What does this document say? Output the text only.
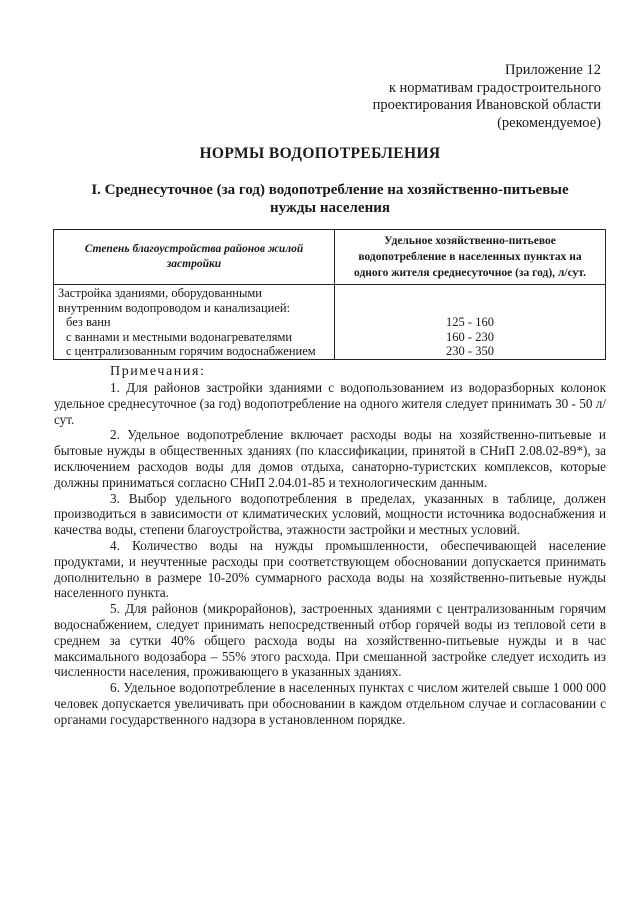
Приложение 12
к нормативам градостроительного
проектирования Ивановской области
(рекомендуемое)
НОРМЫ ВОДОПОТРЕБЛЕНИЯ
I. Среднесуточное (за год) водопотребление на хозяйственно-питьевые
нужды населения
Степень благоустройства районов жилой застройки	Удельное хозяйственно-питьевое водопотребление в населенных пунктах на одного жителя среднесуточное (за год), л/сут.
Застройка зданиями, оборудованными	
внутренним водопроводом и канализацией:	
без ванн	125 - 160
с ваннами и местными водонагревателями	160 - 230
с централизованным горячим водоснабжением	230 - 350
Примечания:

1. Для районов застройки зданиями с водопользованием из водоразборных колонок удельное среднесуточное (за год) водопотребление на одного жителя следует принимать 30 - 50 л/сут.

2. Удельное водопотребление включает расходы воды на хозяйственно-питьевые и бытовые нужды в общественных зданиях (по классификации, принятой в СНиП 2.08.02-89*), за исключением расходов воды для домов отдыха, санаторно-туристских комплексов, которые должны приниматься согласно СНиП 2.04.01-85 и технологическим данным.

3. Выбор удельного водопотребления в пределах, указанных в таблице, должен производиться в зависимости от климатических условий, мощности источника водоснабжения и качества воды, степени благоустройства, этажности застройки и местных условий.

4. Количество воды на нужды промышленности, обеспечивающей население продуктами, и неучтенные расходы при соответствующем обосновании допускается принимать дополнительно в размере 10-20% суммарного расхода воды на хозяйственно-питьевые нужды населенного пункта.

5. Для районов (микрорайонов), застроенных зданиями с централизованным горячим водоснабжением, следует принимать непосредственный отбор горячей воды из тепловой сети в среднем за сутки 40% общего расхода воды на хозяйственно-питьевые нужды и в час максимального водозабора – 55% этого расхода. При смешанной застройке следует исходить из численности населения, проживающего в указанных зданиях.

6. Удельное водопотребление в населенных пунктах с числом жителей свыше 1 000 000 человек допускается увеличивать при обосновании в каждом отдельном случае и согласовании с органами государственного надзора в установленном порядке.
